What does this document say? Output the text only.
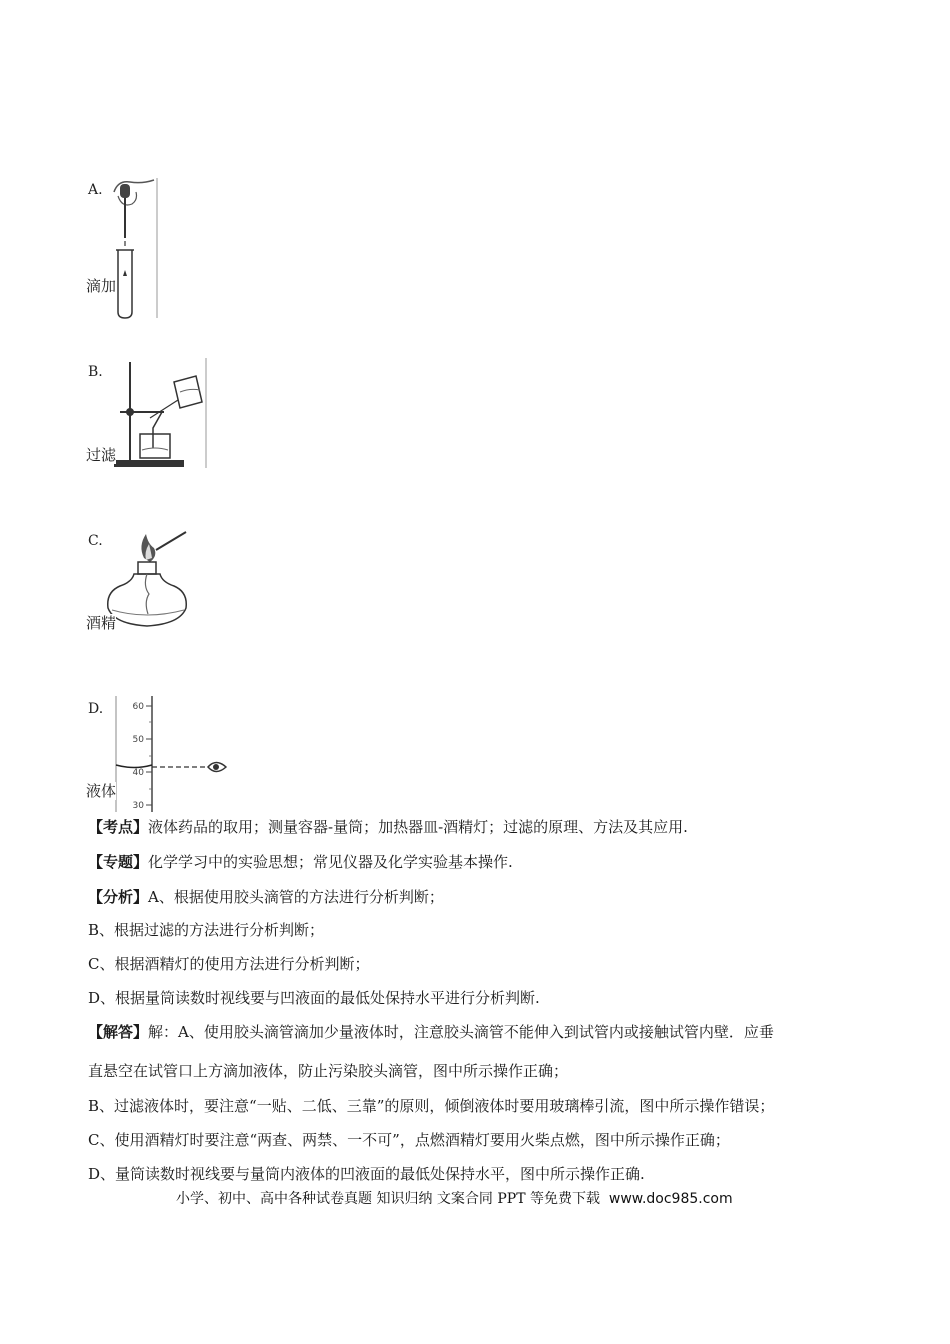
A.
滴加
B.
过滤
C.
酒精
D.	60
50
40
30
液体
【考点】液体药品的取用；测量容器-量筒；加热器皿-酒精灯；过滤的原理、方法及其应用.
【专题】化学学习中的实验思想；常见仪器及化学实验基本操作.
【分析】A、根据使用胶头滴管的方法进行分析判断；
B、根据过滤的方法进行分析判断；
C、根据酒精灯的使用方法进行分析判断；
D、根据量筒读数时视线要与凹液面的最低处保持水平进行分析判断.
【解答】解：A、使用胶头滴管滴加少量液体时，注意胶头滴管不能伸入到试管内或接触试管内壁．应垂
直悬空在试管口上方滴加液体，防止污染胶头滴管，图中所示操作正确；
B、过滤液体时，要注意“一贴、二低、三靠”的原则，倾倒液体时要用玻璃棒引流，图中所示操作错误；
C、使用酒精灯时要注意“两查、两禁、一不可”，点燃酒精灯要用火柴点燃，图中所示操作正确；
D、量筒读数时视线要与量筒内液体的凹液面的最低处保持水平，图中所示操作正确.
小学、初中、高中各种试卷真题 知识归纳 文案合同 PPT 等免费下载 www.doc985.com
